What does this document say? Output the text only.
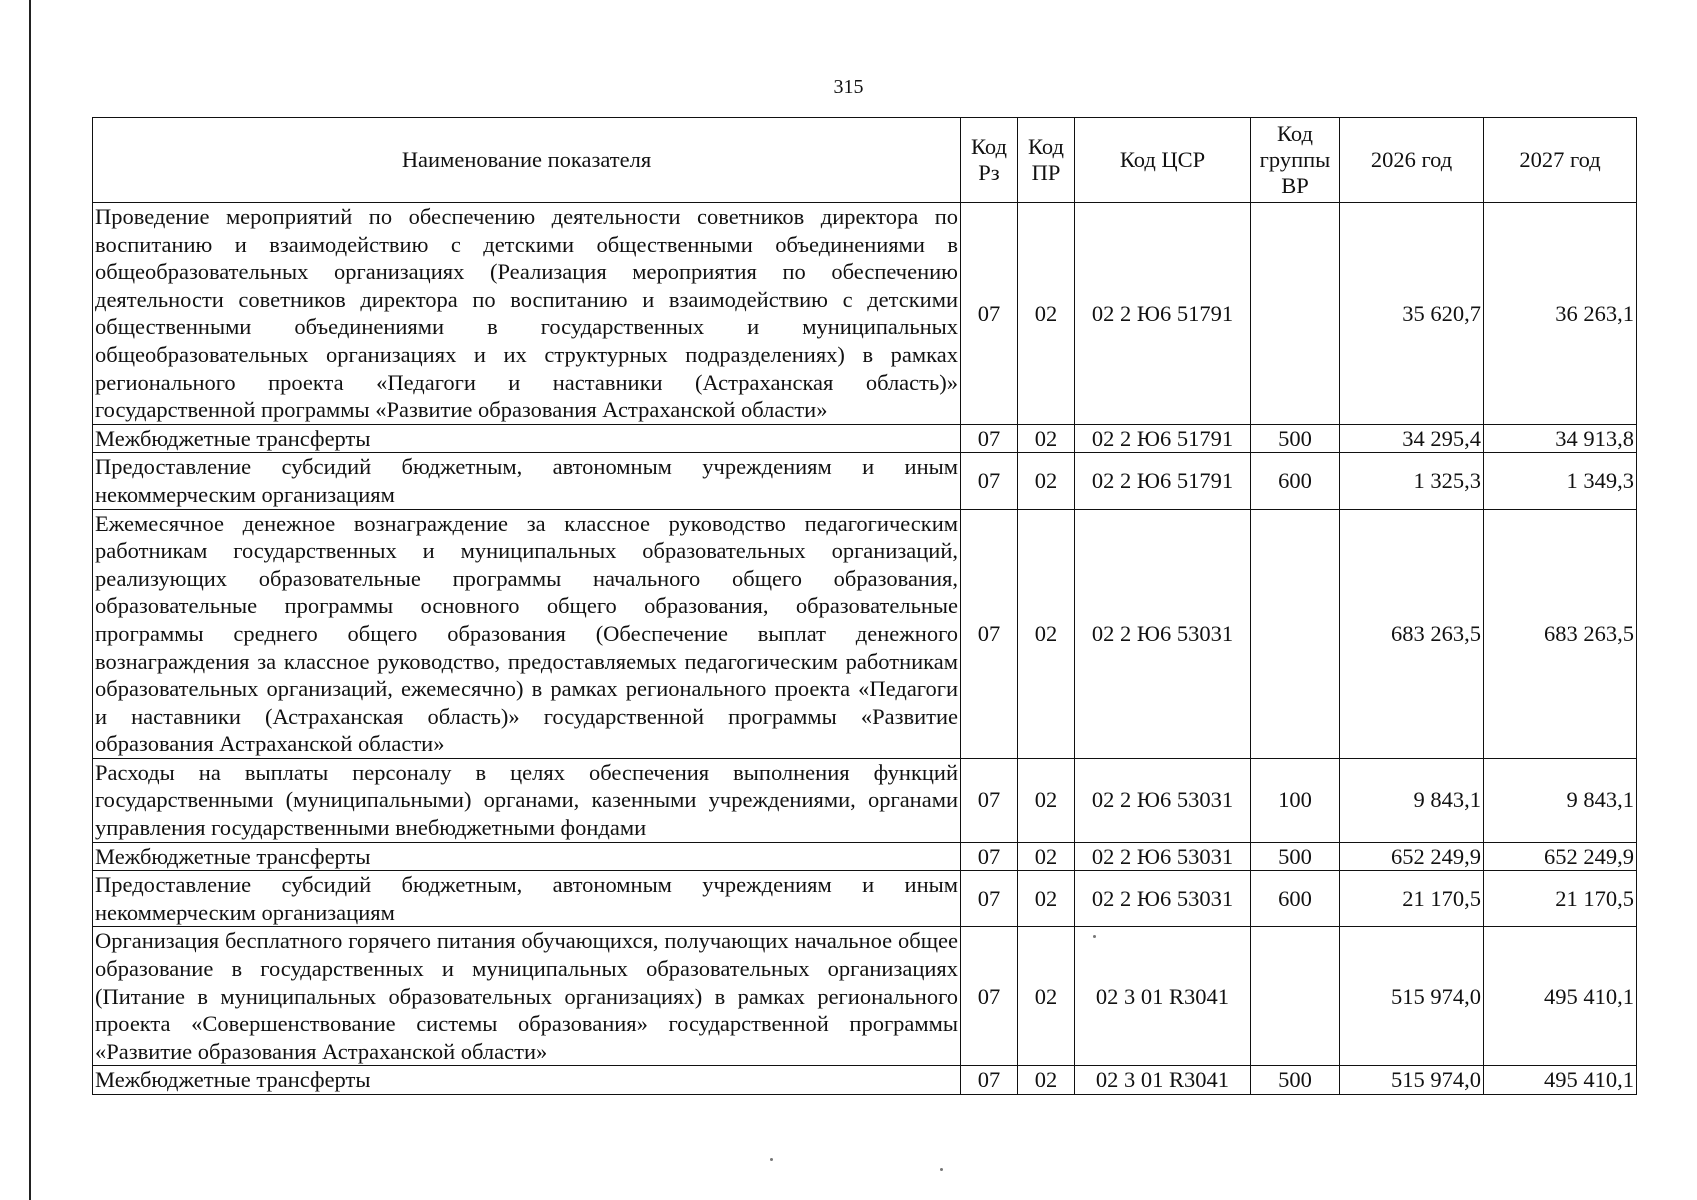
315
Наименование показателя	Код Рз	Код ПР	Код ЦСР	Код группы ВР	2026 год	2027 год
Проведение мероприятий по обеспечению деятельности советников директора по воспитанию и взаимодействию с детскими общественными объединениями в общеобразовательных организациях (Реализация мероприятия по обеспечению деятельности советников директора по воспитанию и взаимодействию с детскими общественными объединениями в государственных и муниципальных общеобразовательных организациях и их структурных подразделениях) в рамках регионального проекта «Педагоги и наставники (Астраханская область)» государственной программы «Развитие образования Астраханской области»	07	02	02 2 Ю6 51791		35 620,7	36 263,1
Межбюджетные трансферты	07	02	02 2 Ю6 51791	500	34 295,4	34 913,8
Предоставление субсидий бюджетным, автономным учреждениям и иным некоммерческим организациям	07	02	02 2 Ю6 51791	600	1 325,3	1 349,3
Ежемесячное денежное вознаграждение за классное руководство педагогическим работникам государственных и муниципальных образовательных организаций, реализующих образовательные программы начального общего образования, образовательные программы основного общего образования, образовательные программы среднего общего образования (Обеспечение выплат денежного вознаграждения за классное руководство, предоставляемых педагогическим работникам образовательных организаций, ежемесячно) в рамках регионального проекта «Педагоги и наставники (Астраханская область)» государственной программы «Развитие образования Астраханской области»	07	02	02 2 Ю6 53031		683 263,5	683 263,5
Расходы на выплаты персоналу в целях обеспечения выполнения функций государственными (муниципальными) органами, казенными учреждениями, органами управления государственными внебюджетными фондами	07	02	02 2 Ю6 53031	100	9 843,1	9 843,1
Межбюджетные трансферты	07	02	02 2 Ю6 53031	500	652 249,9	652 249,9
Предоставление субсидий бюджетным, автономным учреждениям и иным некоммерческим организациям	07	02	02 2 Ю6 53031	600	21 170,5	21 170,5
Организация бесплатного горячего питания обучающихся, получающих начальное общее образование в государственных и муниципальных образовательных организациях (Питание в муниципальных образовательных организациях) в рамках регионального проекта «Совершенствование системы образования» государственной программы «Развитие образования Астраханской области»	07	02	02 3 01 R3041		515 974,0	495 410,1
Межбюджетные трансферты	07	02	02 3 01 R3041	500	515 974,0	495 410,1
